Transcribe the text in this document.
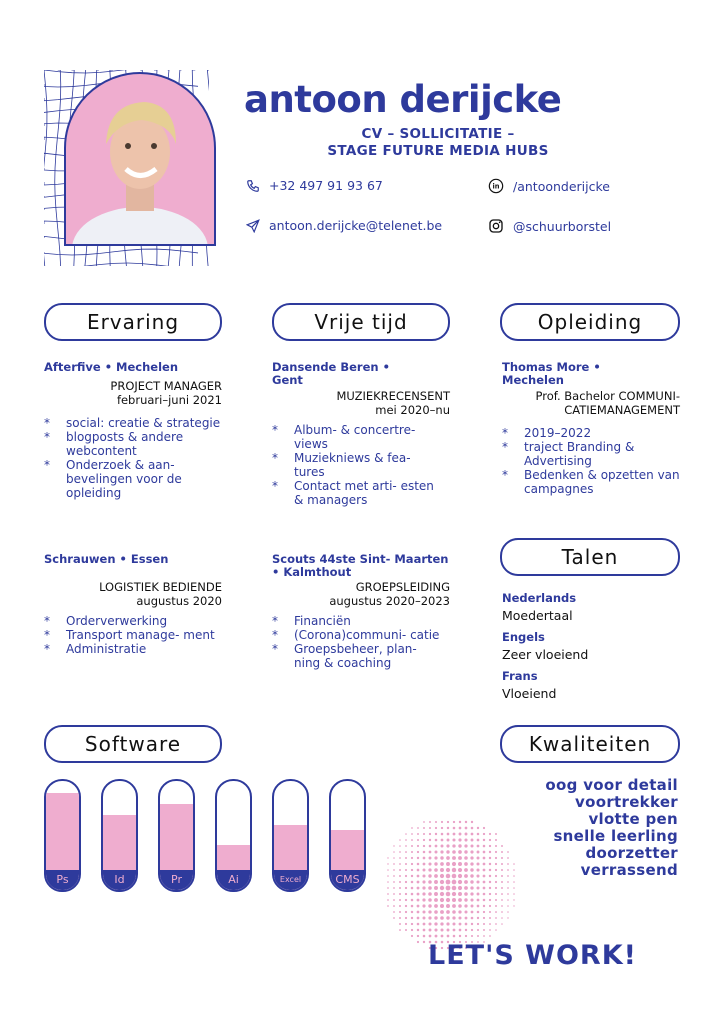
antoon derijcke
CV – SOLLICITATIE –
STAGE FUTURE MEDIA HUBS
+32 497 91 93 67
antoon.derijcke@telenet.be
in /antoonderijcke
@schuurborstel
Ervaring	Vrije tijd	Opleiding
Afterfive • Mechelen
PROJECT MANAGER
februari–juni 2021
* social: creatie & strategie
* blogposts & andere webcontent
* Onderzoek & aan- bevelingen voor de opleiding
Schrauwen • Essen
LOGISTIEK BEDIENDE
augustus 2020
* Orderverwerking
* Transport manage- ment
* Administratie
Dansende Beren • Gent
MUZIEKRECENSENT
mei 2020–nu
* Album- & concertre- views
* Muziekniews & fea- tures
* Contact met arti- esten & managers
Scouts 44ste Sint- Maarten • Kalmthout
GROEPSLEIDING
augustus 2020–2023
* Financiën
* (Corona)communi- catie
* Groepsbeheer, plan- ning & coaching
Thomas More • Mechelen
Prof. Bachelor COMMUNI- CATIEMANAGEMENT
* 2019–2022
* traject Branding & Advertising
* Bedenken & opzetten van campagnes
Talen
Nederlands
Moedertaal
Engels
Zeer vloeiend
Frans
Vloeiend
Software
Ps	Id	Pr	Ai	Excel	CMS
Kwaliteiten
oog voor detail
voortrekker
vlotte pen
snelle leerling
doorzetter
verrassend
LET'S WORK!
